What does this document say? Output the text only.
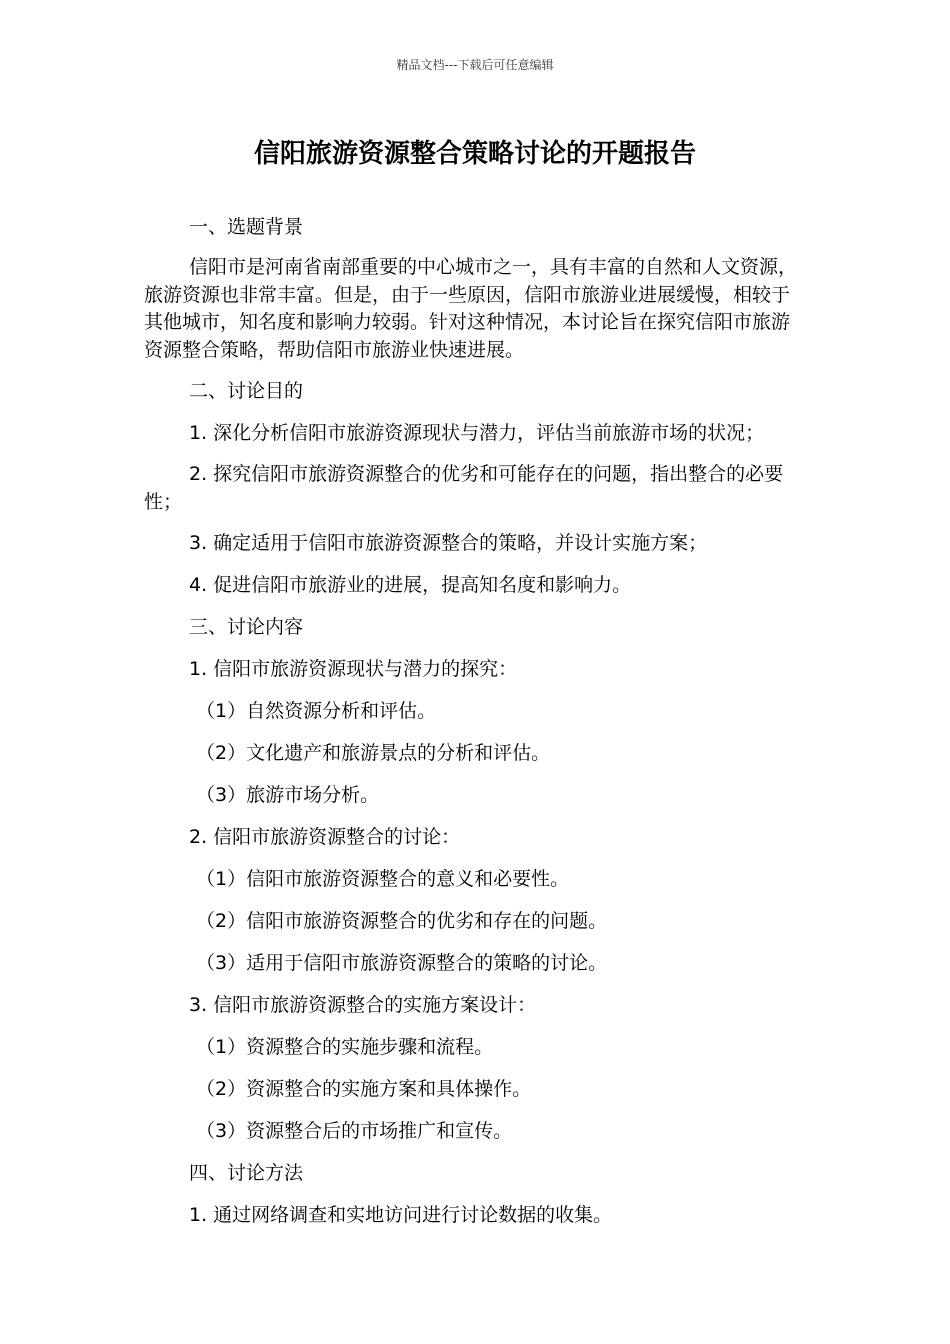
精品文档---下载后可任意编辑
信阳旅游资源整合策略讨论的开题报告

一、选题背景

信阳市是河南省南部重要的中心城市之一，具有丰富的自然和人文资源，旅游资源也非常丰富。但是，由于一些原因，信阳市旅游业进展缓慢，相较于其他城市，知名度和影响力较弱。针对这种情况，本讨论旨在探究信阳市旅游资源整合策略，帮助信阳市旅游业快速进展。

二、讨论目的

1. 深化分析信阳市旅游资源现状与潜力，评估当前旅游市场的状况；

2. 探究信阳市旅游资源整合的优劣和可能存在的问题，指出整合的必要性；

3. 确定适用于信阳市旅游资源整合的策略，并设计实施方案；

4. 促进信阳市旅游业的进展，提高知名度和影响力。

三、讨论内容

1. 信阳市旅游资源现状与潜力的探究：

（1）自然资源分析和评估。

（2）文化遗产和旅游景点的分析和评估。

（3）旅游市场分析。

2. 信阳市旅游资源整合的讨论：

（1）信阳市旅游资源整合的意义和必要性。

（2）信阳市旅游资源整合的优劣和存在的问题。

（3）适用于信阳市旅游资源整合的策略的讨论。

3. 信阳市旅游资源整合的实施方案设计：

（1）资源整合的实施步骤和流程。

（2）资源整合的实施方案和具体操作。

（3）资源整合后的市场推广和宣传。

四、讨论方法

1. 通过网络调查和实地访问进行讨论数据的收集。
